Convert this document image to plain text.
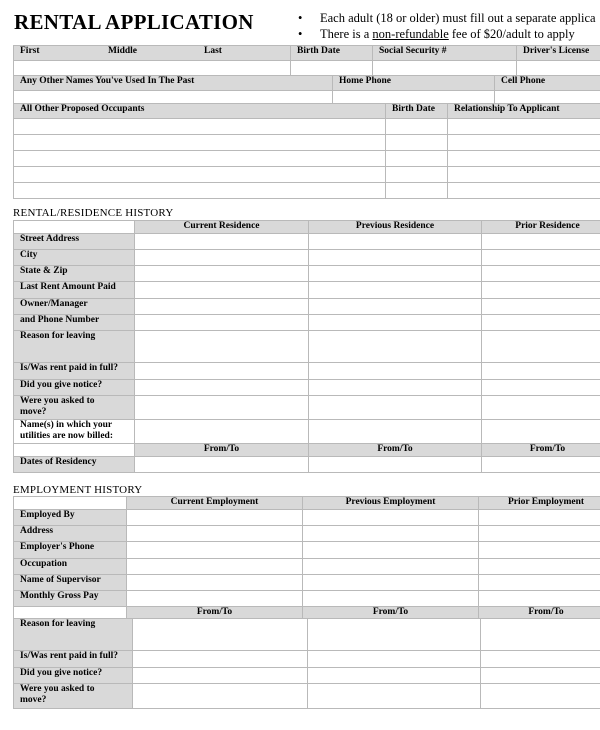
RENTAL APPLICATION	• Each adult (18 or older) must fill out a separate applica
• There is a non-refundable fee of $20/adult to apply
First Middle Last	Birth Date	Social Security #	Driver's License

Any Other Names You've Used In The Past	Home Phone	Cell Phone

All Other Proposed Occupants	Birth Date	Relationship To Applicant

RENTAL/RESIDENCE HISTORY
	Current Residence	Previous Residence	Prior Residence
Street Address			
City			
State & Zip			
Last Rent Amount Paid			
Owner/Manager			
and Phone Number			
Reason for leaving			
Is/Was rent paid in full?			
Did you give notice?			

Were you asked to
move?			

Name(s) in which your
utilities are now billed:			

	From/To	From/To	From/To
Dates of Residency			
EMPLOYMENT HISTORY
	Current Employment	Previous Employment	Prior Employment
Employed By			
Address			
Employer's Phone			
Occupation			
Name of Supervisor			
Monthly Gross Pay			
	From/To	From/To	From/To
Reason for leaving			
Is/Was rent paid in full?			
Did you give notice?			

Were you asked to
move?			
